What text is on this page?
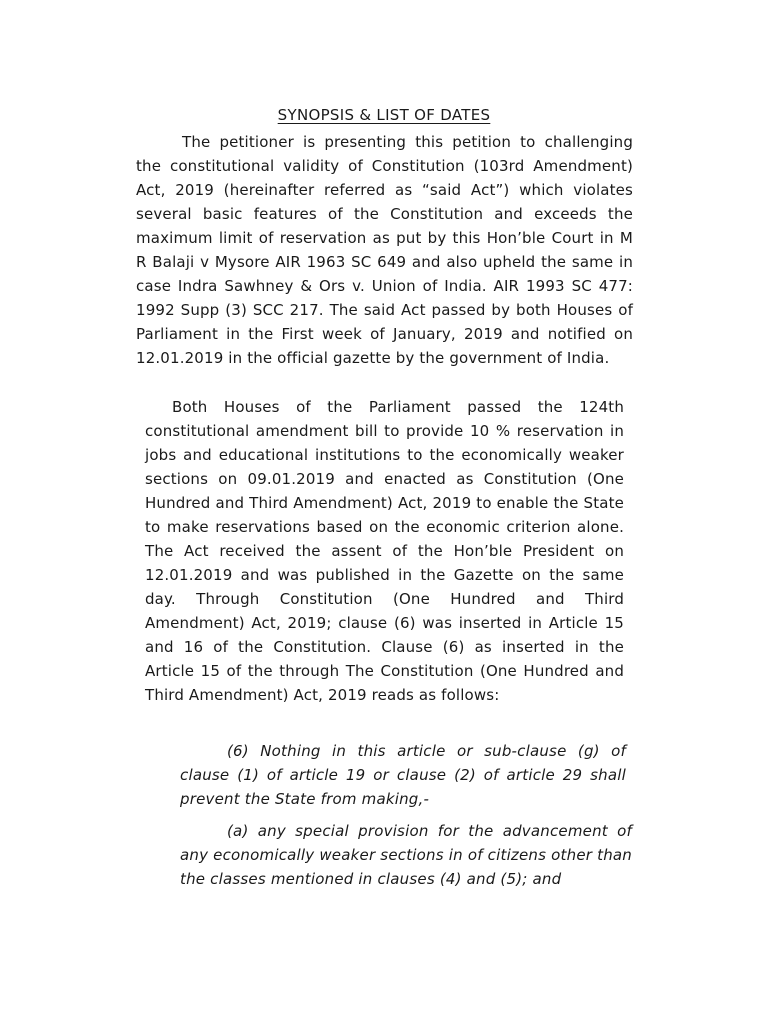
SYNOPSIS & LIST OF DATES

The petitioner is presenting this petition to challenging the constitutional validity of Constitution (103rd Amendment) Act, 2019 (hereinafter referred as “said Act”) which violates several basic features of the Constitution and exceeds the maximum limit of reservation as put by this Hon’ble Court in M R Balaji v Mysore AIR 1963 SC 649 and also upheld the same in case Indra Sawhney & Ors v. Union of India. AIR 1993 SC 477: 1992 Supp (3) SCC 217. The said Act passed by both Houses of Parliament in the First week of January, 2019 and notified on 12.01.2019 in the official gazette by the government of India.

Both Houses of the Parliament passed the 124th constitutional amendment bill to provide 10 % reservation in jobs and educational institutions to the economically weaker sections on 09.01.2019 and enacted as Constitution (One Hundred and Third Amendment) Act, 2019 to enable the State to make reservations based on the economic criterion alone. The Act received the assent of the Hon’ble President on 12.01.2019 and was published in the Gazette on the same day. Through Constitution (One Hundred and Third Amendment) Act, 2019; clause (6) was inserted in Article 15 and 16 of the Constitution. Clause (6) as inserted in the Article 15 of the through The Constitution (One Hundred and Third Amendment) Act, 2019 reads as follows:

(6) Nothing in this article or sub-clause (g) of clause (1) of article 19 or clause (2) of article 29 shall prevent the State from making,-

(a) any special provision for the advancement of any economically weaker sections in of citizens other than the classes mentioned in clauses (4) and (5); and
